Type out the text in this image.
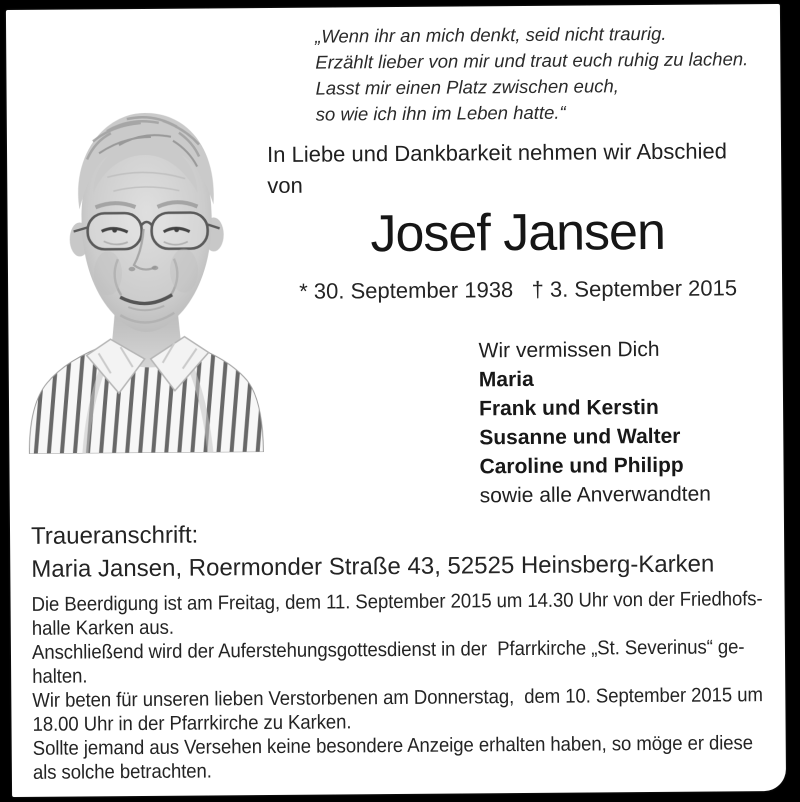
„Wenn ihr an mich denkt, seid nicht traurig.
Erzählt lieber von mir und traut euch ruhig zu lachen.
Lasst mir einen Platz zwischen euch,
so wie ich ihn im Leben hatte.“
In Liebe und Dankbarkeit nehmen wir Abschied
von
Josef Jansen
* 30. September 1938   † 3. September 2015
Wir vermissen Dich
Maria
Frank und Kerstin
Susanne und Walter
Caroline und Philipp
sowie alle Anverwandten
Traueranschrift:
Maria Jansen, Roermonder Straße 43, 52525 Heinsberg-Karken
Die Beerdigung ist am Freitag, dem 11. September 2015 um 14.30 Uhr von der Friedhofs-
halle Karken aus.
Anschließend wird der Auferstehungsgottesdienst in der  Pfarrkirche „St. Severinus“ ge-
halten.
Wir beten für unseren lieben Verstorbenen am Donnerstag,  dem 10. September 2015 um
18.00 Uhr in der Pfarrkirche zu Karken.
Sollte jemand aus Versehen keine besondere Anzeige erhalten haben, so möge er diese
als solche betrachten.
